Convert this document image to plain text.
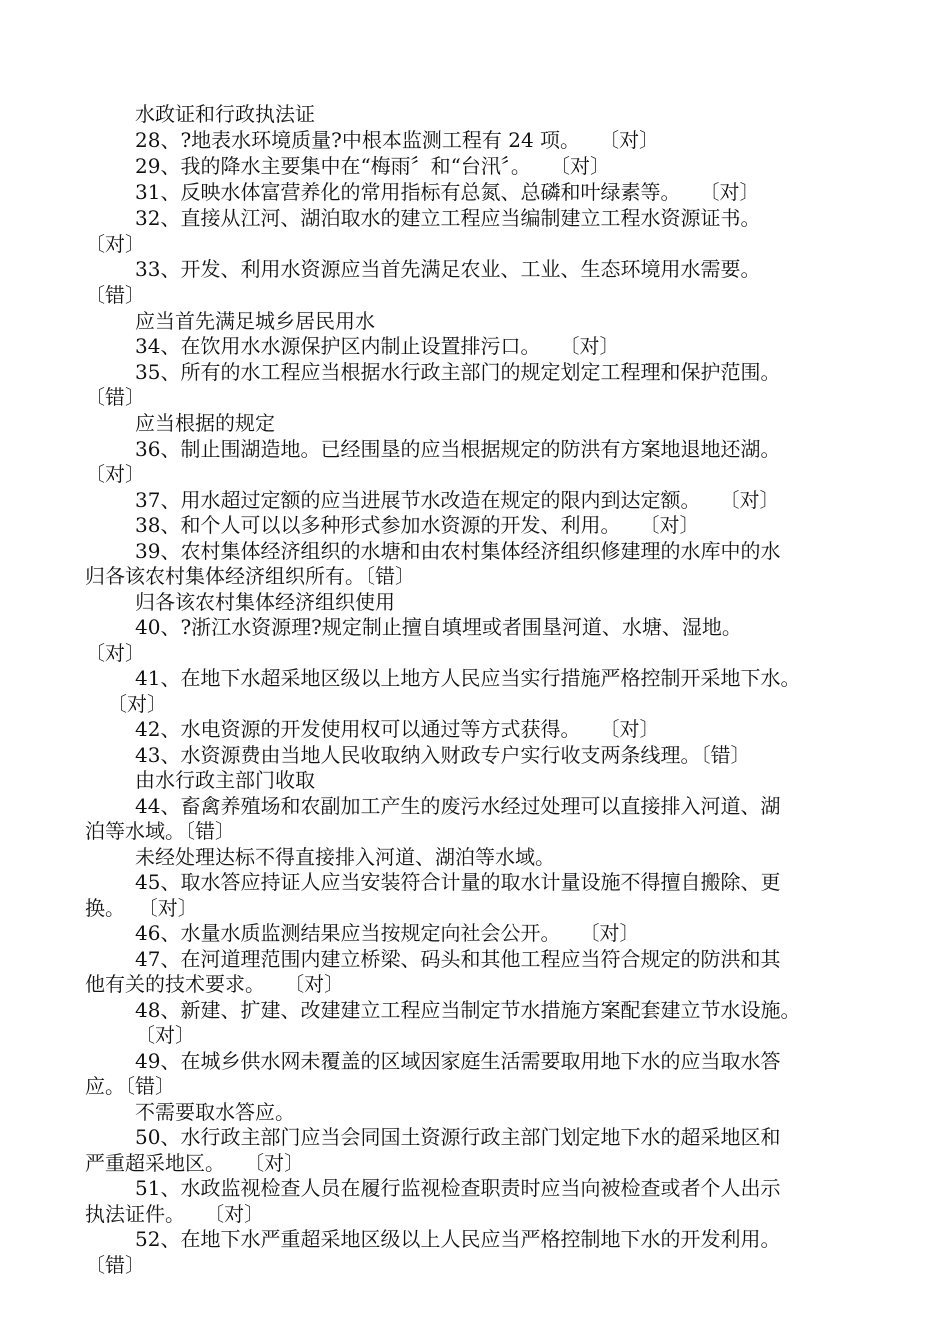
水政证和行政执法证
28、?地表水环境质量?中根本监测工程有 24 项。   〔对〕
29、我的降水主要集中在“梅雨〞和“台汛〞。   〔对〕
31、反映水体富营养化的常用指标有总氮、总磷和叶绿素等。   〔对〕
32、直接从江河、湖泊取水的建立工程应当编制建立工程水资源证书。
〔对〕
33、开发、利用水资源应当首先满足农业、工业、生态环境用水需要。
〔错〕
应当首先满足城乡居民用水
34、在饮用水水源保护区内制止设置排污口。   〔对〕
35、所有的水工程应当根据水行政主部门的规定划定工程理和保护范围。
〔错〕
应当根据的规定
36、制止围湖造地。已经围垦的应当根据规定的防洪有方案地退地还湖。
〔对〕
37、用水超过定额的应当进展节水改造在规定的限内到达定额。   〔对〕
38、和个人可以以多种形式参加水资源的开发、利用。   〔对〕
39、农村集体经济组织的水塘和由农村集体经济组织修建理的水库中的水
归各该农村集体经济组织所有。〔错〕
归各该农村集体经济组织使用
40、?浙江水资源理?规定制止擅自填埋或者围垦河道、水塘、湿地。
〔对〕
41、在地下水超采地区级以上地方人民应当实行措施严格控制开采地下水。
〔对〕
42、水电资源的开发使用权可以通过等方式获得。   〔对〕
43、水资源费由当地人民收取纳入财政专户实行收支两条线理。〔错〕
由水行政主部门收取
44、畜禽养殖场和农副加工产生的废污水经过处理可以直接排入河道、湖
泊等水域。〔错〕
未经处理达标不得直接排入河道、湖泊等水域。
45、取水答应持证人应当安装符合计量的取水计量设施不得擅自搬除、更
换。  〔对〕
46、水量水质监测结果应当按规定向社会公开。   〔对〕
47、在河道理范围内建立桥梁、码头和其他工程应当符合规定的防洪和其
他有关的技术要求。   〔对〕
48、新建、扩建、改建建立工程应当制定节水措施方案配套建立节水设施。
〔对〕
49、在城乡供水网未覆盖的区域因家庭生活需要取用地下水的应当取水答
应。〔错〕
不需要取水答应。
50、水行政主部门应当会同国土资源行政主部门划定地下水的超采地区和
严重超采地区。   〔对〕
51、水政监视检查人员在履行监视检查职责时应当向被检查或者个人出示
执法证件。   〔对〕
52、在地下水严重超采地区级以上人民应当严格控制地下水的开发利用。
〔错〕
